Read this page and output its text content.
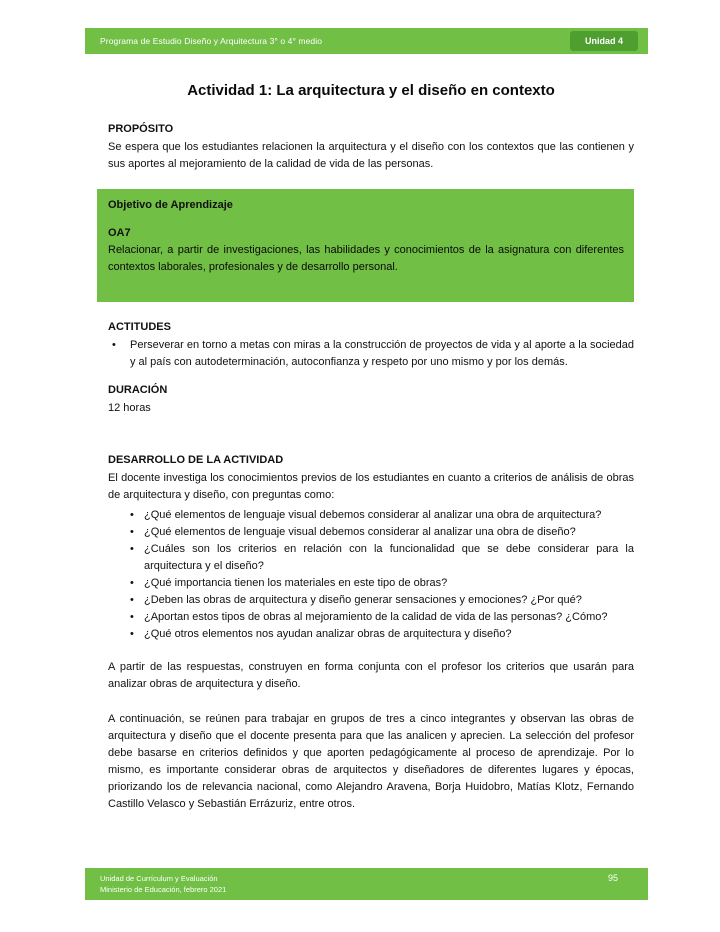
Programa de Estudio Diseño y Arquitectura 3° o 4° medio	Unidad 4
Actividad 1: La arquitectura y el diseño en contexto
PROPÓSITO

Se espera que los estudiantes relacionen la arquitectura y el diseño con los contextos que las contienen y sus aportes al mejoramiento de la calidad de vida de las personas.

Objetivo de Aprendizaje
OA7

Relacionar, a partir de investigaciones, las habilidades y conocimientos de la asignatura con diferentes contextos laborales, profesionales y de desarrollo personal.

ACTITUDES
• Perseverar en torno a metas con miras a la construcción de proyectos de vida y al aporte a la sociedad y al país con autodeterminación, autoconfianza y respeto por uno mismo y por los demás.
DURACIÓN

12 horas

DESARROLLO DE LA ACTIVIDAD

El docente investiga los conocimientos previos de los estudiantes en cuanto a criterios de análisis de obras de arquitectura y diseño, con preguntas como:

• ¿Qué elementos de lenguaje visual debemos considerar al analizar una obra de arquitectura?
• ¿Qué elementos de lenguaje visual debemos considerar al analizar una obra de diseño?
• ¿Cuáles son los criterios en relación con la funcionalidad que se debe considerar para la arquitectura y el diseño?
• ¿Qué importancia tienen los materiales en este tipo de obras?
• ¿Deben las obras de arquitectura y diseño generar sensaciones y emociones? ¿Por qué?
• ¿Aportan estos tipos de obras al mejoramiento de la calidad de vida de las personas? ¿Cómo?
• ¿Qué otros elementos nos ayudan analizar obras de arquitectura y diseño?

A partir de las respuestas, construyen en forma conjunta con el profesor los criterios que usarán para analizar obras de arquitectura y diseño.

A continuación, se reúnen para trabajar en grupos de tres a cinco integrantes y observan las obras de arquitectura y diseño que el docente presenta para que las analicen y aprecien. La selección del profesor debe basarse en criterios definidos y que aporten pedagógicamente al proceso de aprendizaje. Por lo mismo, es importante considerar obras de arquitectos y diseñadores de diferentes lugares y épocas, priorizando los de relevancia nacional, como Alejandro Aravena, Borja Huidobro, Matías Klotz, Fernando Castillo Velasco y Sebastián Errázuriz, entre otros.

Unidad de Currículum y Evaluación
Ministerio de Educación, febrero 2021
95
